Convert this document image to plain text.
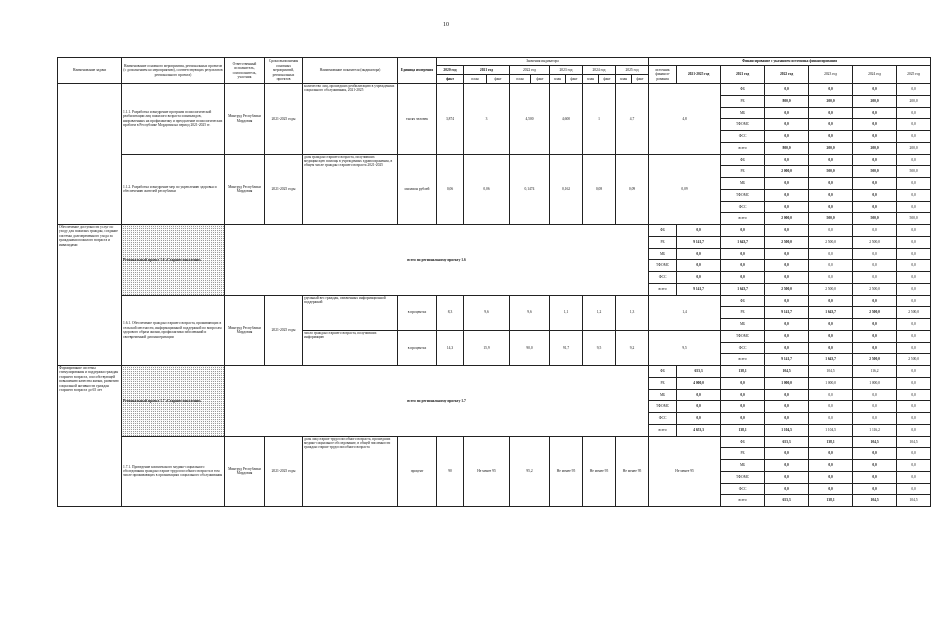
10
Наименование задачи	Наименование основного мероприятия, региональных проектов (с дополнением ко мероприятию), соответствующих результатов регионального проекта)	Ответственный исполнитель, соисполнитель, участник	Сроки выполнения основных мероприятий, региональных проектов	Наименование показателя (индикатора)	Единица измерения	Значения индикатора											Финансирование с указанием источника финансирования							
						2020 год	2021 год		2022 год		2023 год		2024 год		2025 год		источник финанси-рования	2021-2025 год	2021 год	2022 год	2023 год	2024 год	2025 год	
						факт	план	факт	план	факт	план	факт	план	факт	план	факт								
	1.1.1. Разработка и внедрение программ психологической реабилитации лиц пожилого возраста и инвалидов, направленных на профилактику и преодоление психологических проблем в Республике Мордовия на период 2021-2025 гг.	Минтруд Республики Мордовия	2021-2025 годы	количество лиц, прошедших реабилитацию в учреждениях социального обслуживания, 2021-2025	тысяч человек	3,874	3		4,500		4,600		1		4,7		4,8		ФБ	0,0	0,0	0,0	0,0		
																			РБ	800,0	200,0	200,0	200,0		
																			МБ	0,0	0,0	0,0	0,0		
																			ТФОМС	0,0	0,0	0,0	0,0		
																			ФСС	0,0	0,0	0,0	0,0		
																			всего	800,0	200,0	200,0	200,0		
	1.1.2. Разработка и внедрение мер по укреплению здоровья и обеспечению жителей республики	Минтруд Республики Мордовия	2021-2025 годы	доля граждан старшего возраста, получивших медицинскую помощь в учреждениях здравоохранения, в общем числе граждан старшего возраста 2021-2025	миллион рублей	0,06	0,06		0,1474		0,162		0,08		0,09		0,09		ФБ	0,0	0,0	0,0	0,0		
																			РБ	2 000,0	500,0	500,0	500,0		
																			МБ	0,0	0,0	0,0	0,0		
																			ТФОМС	0,0	0,0	0,0	0,0		
																			ФСС	0,0	0,0	0,0	0,0		
																			всего	2 000,0	500,0	500,0	500,0		
Обеспечение доступности услуг по уходу для пожилых граждан, создание системы долговременного ухода за гражданами пожилого возраста и инвалидами	Региональный проект 1.6 «Старшее поколение»	всего по региональному проекту 1.6															ФБ	0,0	0,0	0,0	0,0	0,0	0,0	
																	РБ	9 141,7	1 643,7	2 500,0	2 500,0	2 500,0	0,0	
																	МБ	0,0	0,0	0,0	0,0	0,0	0,0	
																	ТФОМС	0,0	0,0	0,0	0,0	0,0	0,0	
																	ФСС	0,0	0,0	0,0	0,0	0,0	0,0	
																	всего	9 141,7	1 643,7	2 500,0	2 500,0	2 500,0	0,0	
	1.6.1. Обеспечение граждан старшего возраста, проживающих в сельской местности, информационной поддержкой по вопросам здорового образа жизни, профилактики заболеваний и своевременной диспансеризации	Минтруд Республики Мордовия	2021-2025 годы	удельный вес граждан, охваченных информационной поддержкой	в процентах	8,3	9,6		9,6		1,1		1,2		1,3		1,4		ФБ	0,0	0,0	0,0	0,0		
																			РБ	9 141,7	1 643,7	2 500,0	2 500,0		
																			МБ	0,0	0,0	0,0	0,0		
				число граждан старшего возраста, получивших информацию	в процентах	14,3	15,9		90,0		91,7		9,5		9,2		9,5		ТФОМС	0,0	0,0	0,0	0,0		
																			ФСС	0,0	0,0	0,0	0,0		
																			всего	9 141,7	1 643,7	2 500,0	2 500,0		
Формирование системы стимулирования и поддержки граждан старшего возраста, способствующей повышению качества жизни, развитию социальной активности граждан старшего возраста до 65 лет	Региональный проект 1.7 «Старшее поколение»	всего по региональному проекту 1.7															ФБ	653,3	138,1	104,5	104,5	116,2	0,0	
																	РБ	4 000,0	0,0	1 000,0	1 000,0	1 000,0	0,0	
																	МБ	0,0	0,0	0,0	0,0	0,0	0,0	
																	ТФОМС	0,0	0,0	0,0	0,0	0,0	0,0	
																	ФСС	0,0	0,0	0,0	0,0	0,0	0,0	
																	всего	4 653,3	138,1	1 104,5	1 104,5	1 116,2	0,0	
	1.7.1. Проведение комплексного медико-социального обследования граждан старше трудоспособного возраста в том числе проживающих в организациях социального обслуживания	Минтруд Республики Мордовия	2021-2025 годы	доля лиц старше трудоспособного возраста, прошедших медико-социальное обследование, в общей численности граждан старше трудоспособного возраста	процент	90	Не менее 95		95,2		Не менее 95		Не менее 95		Не менее 95		Не менее 95		ФБ	653,3	138,1	104,5	104,5		
																			РБ	0,0	0,0	0,0	0,0		
																			МБ	0,0	0,0	0,0	0,0		
																			ТФОМС	0,0	0,0	0,0	0,0		
																			ФСС	0,0	0,0	0,0	0,0		
																			всего	653,3	138,1	104,5	104,5		
